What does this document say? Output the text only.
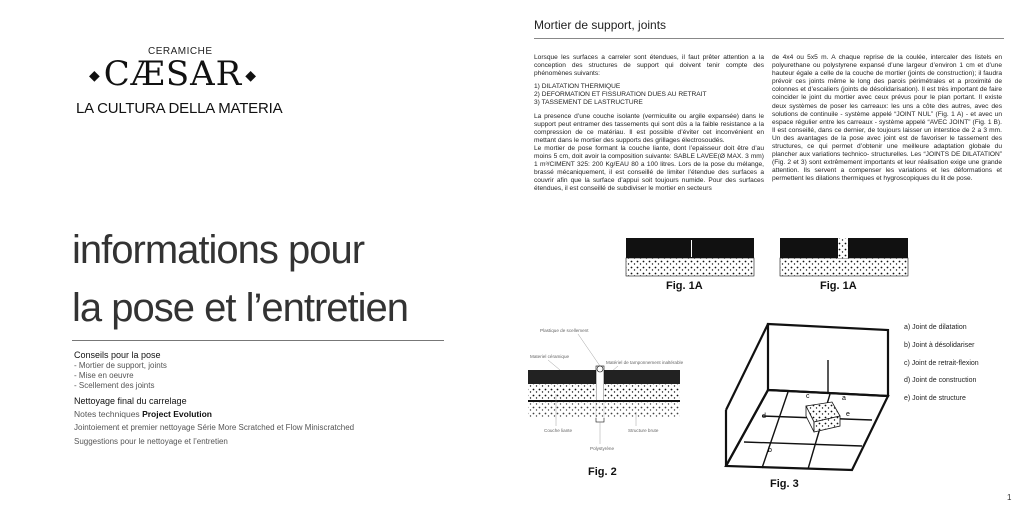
CERAMICHE
◆CÆSAR ◆
LA CULTURA DELLA MATERIA
informations pour
la pose et l’entretien
Conseils pour la pose
- Mortier de support, joints
- Mise en oeuvre
- Scellement des joints
Nettoyage final du carrelage
Notes techniques Project Evolution
Jointoiement et premier nettoyage Série More Scratched et Flow Miniscratched
Suggestions pour le nettoyage et l’entretien
Mortier de support, joints

Lorsque les surfaces a carreler sont étendues, il faut prêter attention a la conception des structures de support qui doivent tenir compte des phénomènes suivants:

1) DILATATION THERMIQUE
2) DEFORMATION ET FISSURATION DUES AU RETRAIT

3) TASSEMENT DE LASTRUCTURE

La presence d’une couche isolante (vermiculite ou argile expansée) dans le support peut entramer des tassements qui sont dûs a la faible resistance a la compression de ce matériau. Il est possible d’éviter cet inconvénient en mettant dans le mortier des supports des grillages électrosoudés.
Le mortier de pose formant la couche liante, dont l’epaisseur doit être d’au moins 5 cm, doit avoir la composition suivante: SABLE LAVEE(Ø MAX. 3 mm) 1 m³/CIMENT 325: 200 Kg/EAU 80 a 100 litres. Lors de la pose du mélange, brassé mécaniquement, il est conseillé de limiter l’étendue des surfaces a couvrir afin que la surface d’appui soit toujours numide. Pour des surfaces étendues, il est conseillé de subdiviser le mortier en secteurs

de 4x4 ou 5x5 m. A chaque reprise de la coulée, intercaler des listels en polyurethane ou polystyrene expansé d’une largeur d’environ 1 cm et d’une hauteur égale a celle de la couche de mortier (joints de construction); il faudra prévoir ces joints même le long des parois périmétrales et a proximité de colonnes et d’escaliers (joints de désolidarisation). Il est très important de faire coincider le joint du mortier avec ceux prévus pour le plan portant. Il existe deux systèmes de poser les carreaux: les uns a côte des autres, avec des solutions de continuile - système appelé “JOINT NUL” (Fig. 1 A) - et avec un espace régulier entre les carreaux - système appelé “AVEC JOINT” (Fig. 1 B). Il est conseillé, dans ce dernier, de toujours laisser un interstice de 2 a 3 mm. Un des avantages de la pose avec joint est de favoriser le tassement des structures, ce qui permet d’obtenir une meilleure adaptation globale du plancher aux variations technico- structurelles. Les “JOINTS DE DILATATION” (Fig. 2 et 3) sont extrêmement importants et leur réalisation exige une grande attention. Ils servent a compenser les variations et les déformations et permettent les dilations thermiques et hygroscopiques du lit de pose.

Fig. 1A	Fig. 1A
Plastique de scellement
Materiel céramique
Matériel de tamponnement inaltérable
Couche liante	Structure brute
Polystyrène
Fig. 2
a
b
c
d	e
Fig. 3
a) Joint de dilatation
b) Joint à désolidariser
c) Joint de retrait-flexion
d) Joint de construction
e) Joint de structure
1
